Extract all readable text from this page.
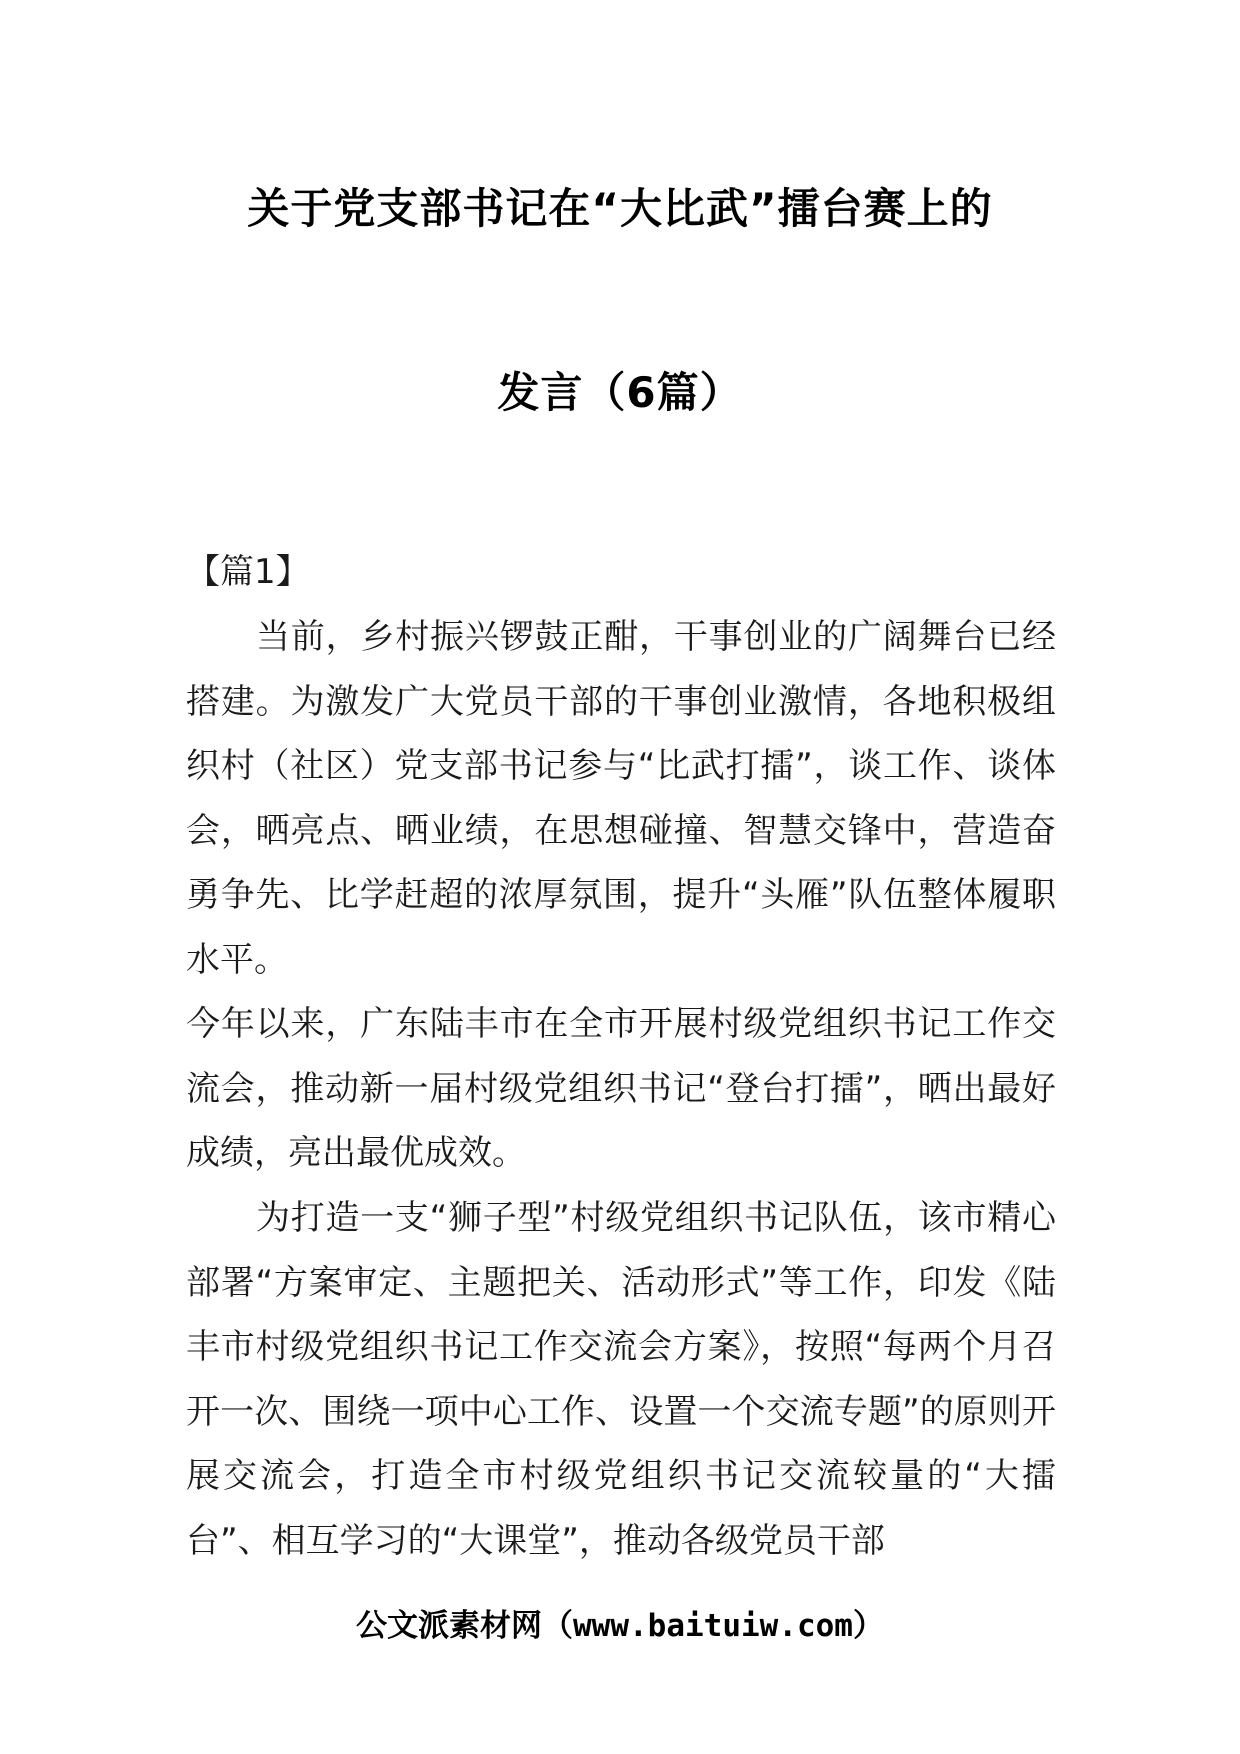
关于党支部书记在“大比武”擂台赛上的
发言（6篇）
【篇1】

当前，乡村振兴锣鼓正酣，干事创业的广阔舞台已经搭建。为激发广大党员干部的干事创业激情，各地积极组织村（社区）党支部书记参与“比武打擂”，谈工作、谈体会，晒亮点、晒业绩，在思想碰撞、智慧交锋中，营造奋勇争先、比学赶超的浓厚氛围，提升“头雁”队伍整体履职水平。

今年以来，广东陆丰市在全市开展村级党组织书记工作交流会，推动新一届村级党组织书记“登台打擂”，晒出最好成绩，亮出最优成效。

为打造一支“狮子型”村级党组织书记队伍，该市精心部署“方案审定、主题把关、活动形式”等工作，印发《陆丰市村级党组织书记工作交流会方案》，按照“每两个月召开一次、围绕一项中心工作、设置一个交流专题”的原则开展交流会，打造全市村级党组织书记交流较量的“大擂台”、相互学习的“大课堂”，推动各级党员干部

公文派素材网（www.baituiw.com）
